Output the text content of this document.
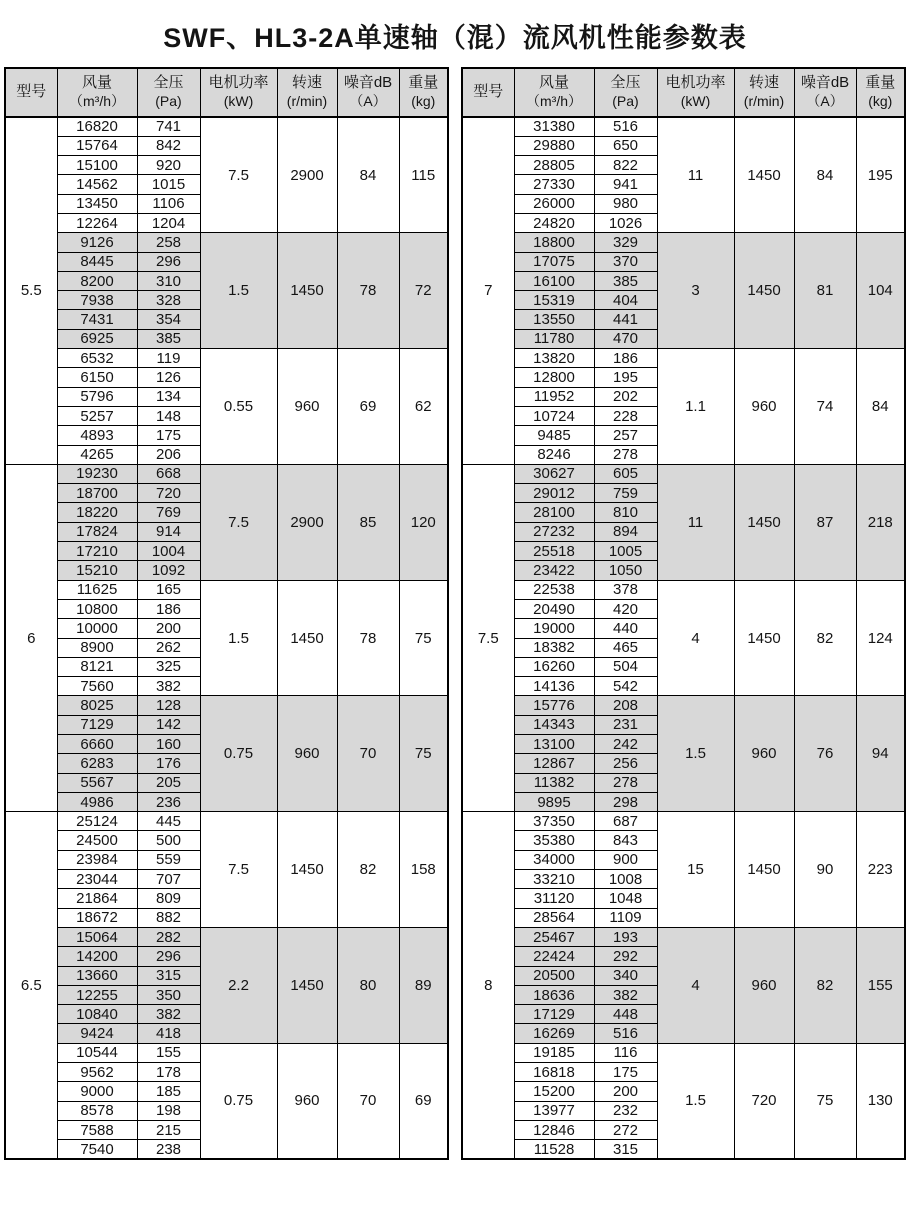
SWF、HL3-2A单速轴（混）流风机性能参数表
型号	
风量
（m³/h）

全压
(Pa)

电机功率
(kW)

转速
(r/min)

噪音dB
（A）

重量
(kg)

5.5	16820	741	7.5	2900	84	115
	15764	842				
	15100	920				
	14562	1015				
	13450	1106				
	12264	1204				
	9126	258	1.5	1450	78	72
	8445	296				
	8200	310				
	7938	328				
	7431	354				
	6925	385				
	6532	119	0.55	960	69	62
	6150	126				
	5796	134				
	5257	148				
	4893	175				
	4265	206				
6	19230	668	7.5	2900	85	120
	18700	720				
	18220	769				
	17824	914				
	17210	1004				
	15210	1092				
	11625	165	1.5	1450	78	75
	10800	186				
	10000	200				
	8900	262				
	8121	325				
	7560	382				
	8025	128	0.75	960	70	75
	7129	142				
	6660	160				
	6283	176				
	5567	205				
	4986	236				
6.5	25124	445	7.5	1450	82	158
	24500	500				
	23984	559				
	23044	707				
	21864	809				
	18672	882				
	15064	282	2.2	1450	80	89
	14200	296				
	13660	315				
	12255	350				
	10840	382				
	9424	418				
	10544	155	0.75	960	70	69
	9562	178				
	9000	185				
	8578	198				
	7588	215				
	7540	238				
型号	
风量
（m³/h）

全压
(Pa)

电机功率
(kW)

转速
(r/min)

噪音dB
（A）

重量
(kg)

7	31380	516	11	1450	84	195
	29880	650				
	28805	822				
	27330	941				
	26000	980				
	24820	1026				
	18800	329	3	1450	81	104
	17075	370				
	16100	385				
	15319	404				
	13550	441				
	11780	470				
	13820	186	1.1	960	74	84
	12800	195				
	11952	202				
	10724	228				
	9485	257				
	8246	278				
7.5	30627	605	11	1450	87	218
	29012	759				
	28100	810				
	27232	894				
	25518	1005				
	23422	1050				
	22538	378	4	1450	82	124
	20490	420				
	19000	440				
	18382	465				
	16260	504				
	14136	542				
	15776	208	1.5	960	76	94
	14343	231				
	13100	242				
	12867	256				
	11382	278				
	9895	298				
8	37350	687	15	1450	90	223
	35380	843				
	34000	900				
	33210	1008				
	31120	1048				
	28564	1109				
	25467	193	4	960	82	155
	22424	292				
	20500	340				
	18636	382				
	17129	448				
	16269	516				
	19185	116	1.5	720	75	130
	16818	175				
	15200	200				
	13977	232				
	12846	272				
	11528	315				
